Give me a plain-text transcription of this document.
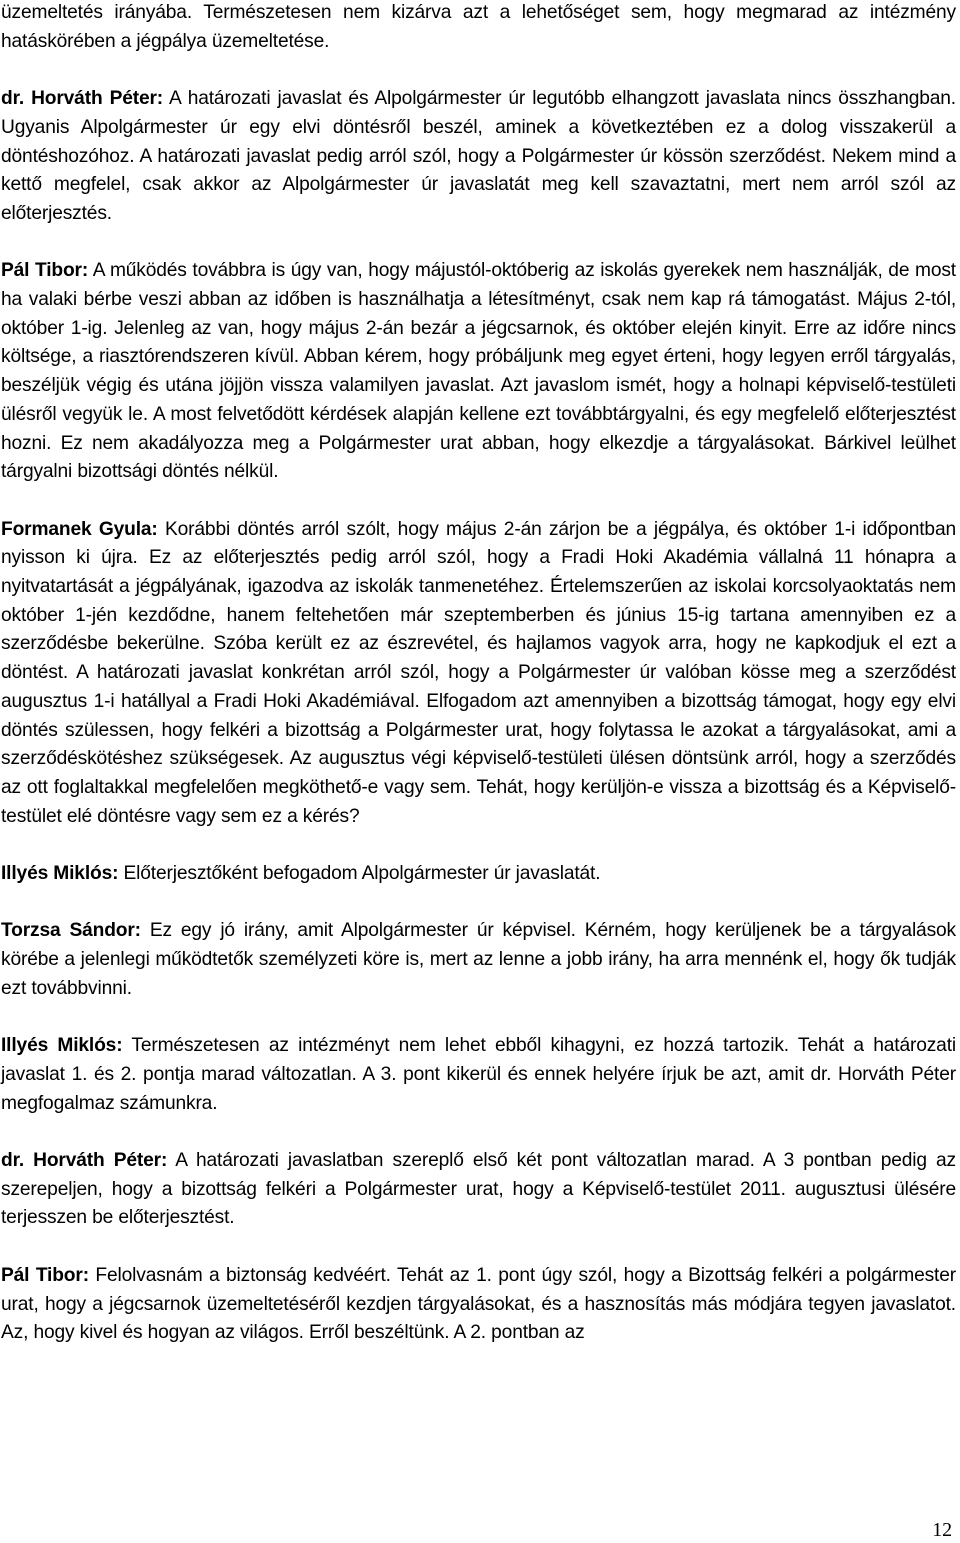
üzemeltetés irányába. Természetesen nem kizárva azt a lehetőséget sem, hogy megmarad az intézmény hatáskörében a jégpálya üzemeltetése.

dr. Horváth Péter: A határozati javaslat és Alpolgármester úr legutóbb elhangzott javaslata nincs összhangban. Ugyanis Alpolgármester úr egy elvi döntésről beszél, aminek a következtében ez a dolog visszakerül a döntéshozóhoz. A határozati javaslat pedig arról szól, hogy a Polgármester úr kössön szerződést. Nekem mind a kettő megfelel, csak akkor az Alpolgármester úr javaslatát meg kell szavaztatni, mert nem arról szól az előterjesztés.

Pál Tibor: A működés továbbra is úgy van, hogy májustól-októberig az iskolás gyerekek nem használják, de most ha valaki bérbe veszi abban az időben is használhatja a létesítményt, csak nem kap rá támogatást. Május 2-tól, október 1-ig. Jelenleg az van, hogy május 2-án bezár a jégcsarnok, és október elején kinyit. Erre az időre nincs költsége, a riasztórendszeren kívül. Abban kérem, hogy próbáljunk meg egyet érteni, hogy legyen erről tárgyalás, beszéljük végig és utána jöjjön vissza valamilyen javaslat. Azt javaslom ismét, hogy a holnapi képviselő-testületi ülésről vegyük le. A most felvetődött kérdések alapján kellene ezt továbbtárgyalni, és egy megfelelő előterjesztést hozni. Ez nem akadályozza meg a Polgármester urat abban, hogy elkezdje a tárgyalásokat. Bárkivel leülhet tárgyalni bizottsági döntés nélkül.

Formanek Gyula: Korábbi döntés arról szólt, hogy május 2-án zárjon be a jégpálya, és október 1-i időpontban nyisson ki újra. Ez az előterjesztés pedig arról szól, hogy a Fradi Hoki Akadémia vállalná 11 hónapra a nyitvatartását a jégpályának, igazodva az iskolák tanmenetéhez. Értelemszerűen az iskolai korcsolyaoktatás nem október 1-jén kezdődne, hanem feltehetően már szeptemberben és június 15-ig tartana amennyiben ez a szerződésbe bekerülne. Szóba került ez az észrevétel, és hajlamos vagyok arra, hogy ne kapkodjuk el ezt a döntést. A határozati javaslat konkrétan arról szól, hogy a Polgármester úr valóban kösse meg a szerződést augusztus 1-i hatállyal a Fradi Hoki Akadémiával. Elfogadom azt amennyiben a bizottság támogat, hogy egy elvi döntés szülessen, hogy felkéri a bizottság a Polgármester urat, hogy folytassa le azokat a tárgyalásokat, ami a szerződéskötéshez szükségesek. Az augusztus végi képviselő-testületi ülésen döntsünk arról, hogy a szerződés az ott foglaltakkal megfelelően megköthető-e vagy sem. Tehát, hogy kerüljön-e vissza a bizottság és a Képviselő-testület elé döntésre vagy sem ez a kérés?

Illyés Miklós: Előterjesztőként befogadom Alpolgármester úr javaslatát.

Torzsa Sándor: Ez egy jó irány, amit Alpolgármester úr képvisel. Kérném, hogy kerüljenek be a tárgyalások körébe a jelenlegi működtetők személyzeti köre is, mert az lenne a jobb irány, ha arra mennénk el, hogy ők tudják ezt továbbvinni.

Illyés Miklós: Természetesen az intézményt nem lehet ebből kihagyni, ez hozzá tartozik. Tehát a határozati javaslat 1. és 2. pontja marad változatlan. A 3. pont kikerül és ennek helyére írjuk be azt, amit dr. Horváth Péter megfogalmaz számunkra.

dr. Horváth Péter: A határozati javaslatban szereplő első két pont változatlan marad. A 3 pontban pedig az szerepeljen, hogy a bizottság felkéri a Polgármester urat, hogy a Képviselő-testület 2011. augusztusi ülésére terjesszen be előterjesztést.

Pál Tibor: Felolvasnám a biztonság kedvéért. Tehát az 1. pont úgy szól, hogy a Bizottság felkéri a polgármester urat, hogy a jégcsarnok üzemeltetéséről kezdjen tárgyalásokat, és a hasznosítás más módjára tegyen javaslatot. Az, hogy kivel és hogyan az világos. Erről beszéltünk. A 2. pontban az

12
